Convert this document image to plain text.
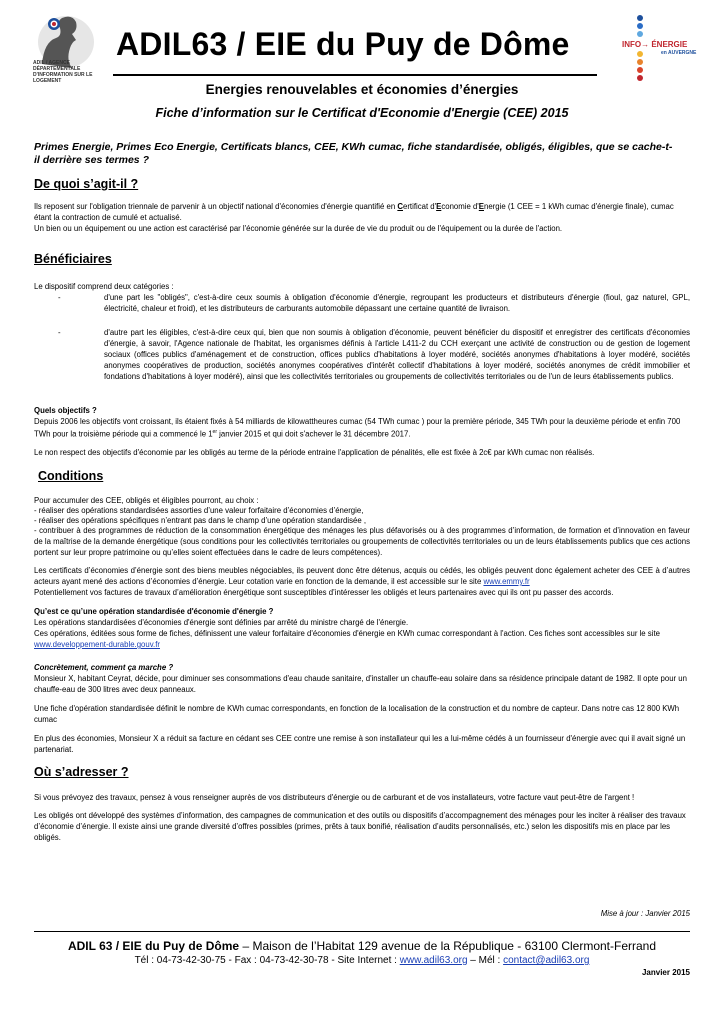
ADIL / AGENCE DÉPARTEMENTALE D'INFORMATION SUR LE LOGEMENT
ADIL63 / EIE du Puy de Dôme	INFO→ ÉNERGIE
en AUVERGNE
Energies renouvelables et économies d’énergies
Fiche d’information sur le Certificat d'Economie d'Energie (CEE) 2015
Primes Energie, Primes Eco Energie, Certificats blancs, CEE, KWh cumac, fiche standardisée, obligés, éligibles, que se cache-t-il derrière ses termes ?
De quoi s’agit-il ?
Ils reposent sur l'obligation triennale de parvenir à un objectif national d'économies d'énergie quantifié en Certificat d'Economie d'Energie (1 CEE = 1 kWh cumac d'énergie finale), cumac étant la contraction de cumulé et actualisé.
Un bien ou un équipement ou une action est caractérisé par l'économie générée sur la durée de vie du produit ou de l'équipement ou la durée de l'action.
Bénéficiaires
Le dispositif comprend deux catégories :
-	d'une part les "obligés", c'est-à-dire ceux soumis à obligation d'économie d'énergie, regroupant les producteurs et distributeurs d'énergie (fioul, gaz naturel, GPL, électricité, chaleur et froid), et les distributeurs de carburants automobile dépassant une certaine quantité de livraison.
-	d'autre part les éligibles, c'est-à-dire ceux qui, bien que non soumis à obligation d'économie, peuvent bénéficier du dispositif et enregistrer des certificats d'économies d'énergie, à savoir, l'Agence nationale de l'habitat, les organismes définis à l'article L411-2 du CCH exerçant une activité de construction ou de gestion de logement sociaux (offices publics d'aménagement et de construction, offices publics d'habitations à loyer modéré, sociétés anonymes d'habitations à loyer modéré, sociétés anonymes coopératives de production, sociétés anonymes coopératives d'intérêt collectif d'habitations à loyer modéré, sociétés anonymes de crédit immobilier et fondations d'habitations à loyer modéré), ainsi que les collectivités territoriales ou groupements de collectivités territoriales ou de l'un de leurs établissements publics.
Quels objectifs ?
Depuis 2006 les objectifs vont croissant, ils étaient fixés à 54 milliards de kilowattheures cumac (54 TWh cumac ) pour la première période, 345 TWh pour la deuxième période et enfin 700 TWh pour la troisième période qui a commencé le 1er janvier 2015 et qui doit s'achever le 31 décembre 2017.
Le non respect des objectifs d'économie par les obligés au terme de la période entraine l'application de pénalités, elle est fixée à 2c€ par kWh cumac non réalisés.
Conditions
Pour accumuler des CEE, obligés et éligibles pourront, au choix :
- réaliser des opérations standardisées assorties d’une valeur forfaitaire d’économies d’énergie,
- réaliser des opérations spécifiques n’entrant pas dans le champ d’une opération standardisée ,
- contribuer à des programmes de réduction de la consommation énergétique des ménages les plus défavorisés ou à des programmes d’information, de formation et d’innovation en faveur de la maîtrise de la demande énergétique (sous conditions pour les collectivités territoriales ou groupements de collectivités territoriales ou un de leurs établissements publics que ces actions portent sur leur propre patrimoine ou qu’elles soient effectuées dans le cadre de leurs compétences).
Les certificats d’économies d’énergie sont des biens meubles négociables, ils peuvent donc être détenus, acquis ou cédés, les obligés peuvent donc également acheter des CEE à d’autres acteurs ayant mené des actions d’économies d’énergie. Leur cotation varie en fonction de la demande, il est accessible sur le site www.emmy.fr
Potentiellement vos factures de travaux d’amélioration énergétique sont susceptibles d’intéresser les obligés et leurs partenaires avec qui ils ont pu passer des accords.
Qu’est ce qu’une opération standardisée d'économie d'énergie ?
Les opérations standardisées d'économies d'énergie sont définies par arrêté du ministre chargé de l'énergie.
Ces opérations, éditées sous forme de fiches, définissent une valeur forfaitaire d'économies d'énergie en KWh cumac correspondant à l'action. Ces fiches sont accessibles sur le site www.developpement-durable.gouv.fr
Concrètement, comment ça marche ?
Monsieur X, habitant Ceyrat, décide, pour diminuer ses consommations d'eau chaude sanitaire, d'installer un chauffe-eau solaire dans sa résidence principale datant de 1982. Il opte pour un chauffe-eau de 300 litres avec deux panneaux.
Une fiche d'opération standardisée définit le nombre de KWh cumac correspondants, en fonction de la localisation de la construction et du nombre de capteur. Dans notre cas 12 800 KWh cumac
En plus des économies, Monsieur X a réduit sa facture en cédant ses CEE contre une remise à son installateur qui les a lui-même cédés à un fournisseur d'énergie avec qui il avait signé un partenariat.
Où s’adresser ?
Si vous prévoyez des travaux, pensez à vous renseigner auprès de vos distributeurs d'énergie ou de carburant et de vos installateurs, votre facture vaut peut-être de l'argent !
Les obligés ont développé des systèmes d’information, des campagnes de communication et des outils ou dispositifs d’accompagnement des ménages pour les inciter à réaliser des travaux d’économie d’énergie. Il existe ainsi une grande diversité d’offres possibles (primes, prêts à taux bonifié, réalisation d’audits personnalisés, etc.) selon les dispositifs mis en place par les obligés.
Mise à jour : Janvier 2015
ADIL 63 / EIE du Puy de Dôme – Maison de l’Habitat 129 avenue de la République - 63100 Clermont-Ferrand
Tél : 04-73-42-30-75 - Fax : 04-73-42-30-78 - Site Internet : www.adil63.org – Mél : contact@adil63.org
Janvier 2015
